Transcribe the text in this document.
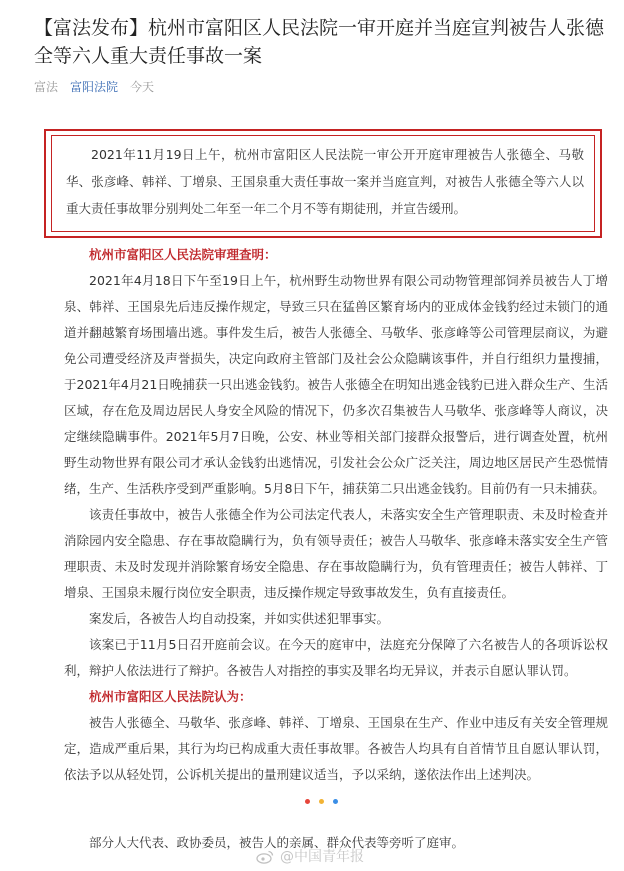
【富法发布】杭州市富阳区人民法院一审开庭并当庭宣判被告人张德全等六人重大责任事故一案
富法 富阳法院 今天

2021年11月19日上午，杭州市富阳区人民法院一审公开开庭审理被告人张德全、马敬华、张彦峰、韩祥、丁增泉、王国泉重大责任事故一案并当庭宣判，对被告人张德全等六人以重大责任事故罪分别判处二年至一年二个月不等有期徒刑，并宣告缓刑。

杭州市富阳区人民法院审理查明：

2021年4月18日下午至19日上午，杭州野生动物世界有限公司动物管理部饲养员被告人丁增泉、韩祥、王国泉先后违反操作规定，导致三只在猛兽区繁育场内的亚成体金钱豹经过未锁门的通道并翻越繁育场围墙出逃。事件发生后，被告人张德全、马敬华、张彦峰等公司管理层商议，为避免公司遭受经济及声誉损失，决定向政府主管部门及社会公众隐瞒该事件，并自行组织力量搜捕，于2021年4月21日晚捕获一只出逃金钱豹。被告人张德全在明知出逃金钱豹已进入群众生产、生活区域，存在危及周边居民人身安全风险的情况下，仍多次召集被告人马敬华、张彦峰等人商议，决定继续隐瞒事件。2021年5月7日晚，公安、林业等相关部门接群众报警后，进行调查处置，杭州野生动物世界有限公司才承认金钱豹出逃情况，引发社会公众广泛关注，周边地区居民产生恐慌情绪，生产、生活秩序受到严重影响。5月8日下午，捕获第二只出逃金钱豹。目前仍有一只未捕获。

该责任事故中，被告人张德全作为公司法定代表人，未落实安全生产管理职责、未及时检查并消除园内安全隐患、存在事故隐瞒行为，负有领导责任；被告人马敬华、张彦峰未落实安全生产管理职责、未及时发现并消除繁育场安全隐患、存在事故隐瞒行为，负有管理责任；被告人韩祥、丁增泉、王国泉未履行岗位安全职责，违反操作规定导致事故发生，负有直接责任。

案发后，各被告人均自动投案，并如实供述犯罪事实。

该案已于11月5日召开庭前会议。在今天的庭审中，法庭充分保障了六名被告人的各项诉讼权利，辩护人依法进行了辩护。各被告人对指控的事实及罪名均无异议，并表示自愿认罪认罚。

杭州市富阳区人民法院认为：

被告人张德全、马敬华、张彦峰、韩祥、丁增泉、王国泉在生产、作业中违反有关安全管理规定，造成严重后果，其行为均已构成重大责任事故罪。各被告人均具有自首情节且自愿认罪认罚，依法予以从轻处罚，公诉机关提出的量刑建议适当，予以采纳，遂依法作出上述判决。

部分人大代表、政协委员，被告人的亲属、群众代表等旁听了庭审。

@中国青年报
